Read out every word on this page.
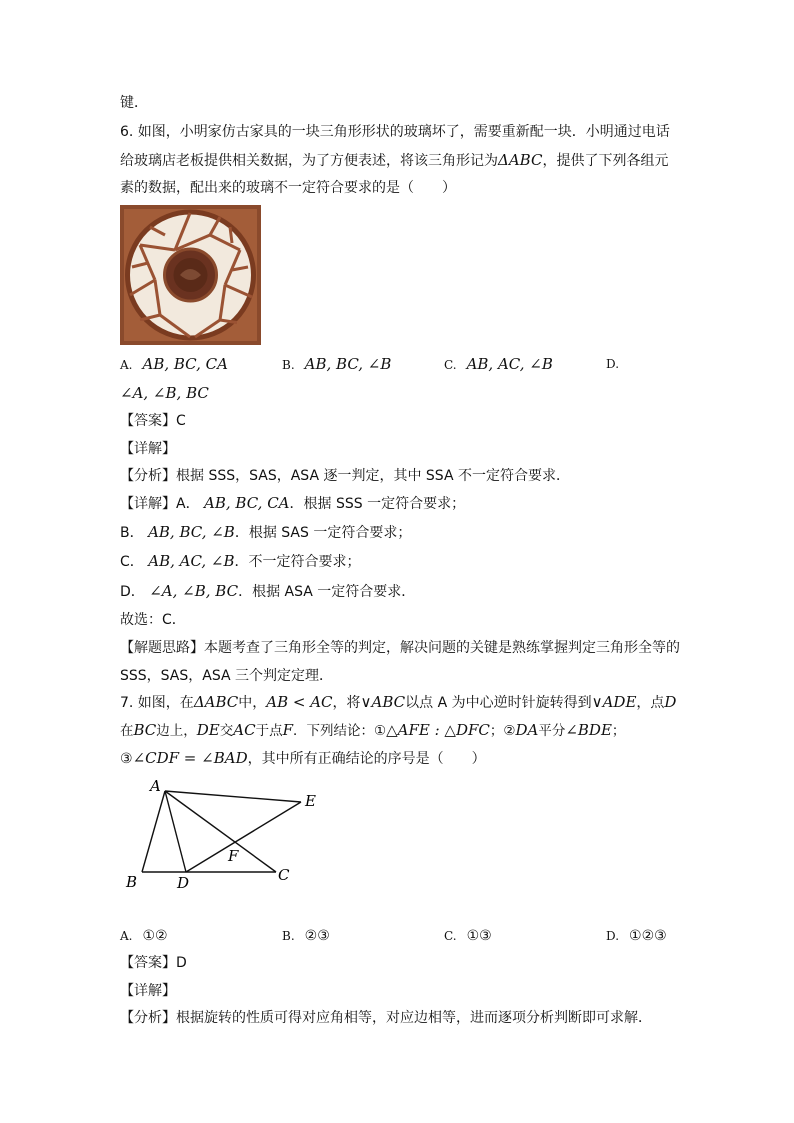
键．
6. 如图，小明家仿古家具的一块三角形形状的玻璃坏了，需要重新配一块．小明通过电话
给玻璃店老板提供相关数据，为了方便表述，将该三角形记为ΔABC，提供了下列各组元
素的数据，配出来的玻璃不一定符合要求的是（　　）
A. AB, BC, CA	B. AB, BC, ∠B	C. AB, AC, ∠B	D.
∠A, ∠B, BC
【答案】C
【详解】
【分析】根据 SSS，SAS，ASA 逐一判定，其中 SSA 不一定符合要求．
【详解】A． AB, BC, CA．根据 SSS 一定符合要求；
B． AB, BC, ∠B．根据 SAS 一定符合要求；
C． AB, AC, ∠B．不一定符合要求；
D． ∠A, ∠B, BC．根据 ASA 一定符合要求．
故选：C．
【解题思路】本题考查了三角形全等的判定，解决问题的关键是熟练掌握判定三角形全等的
SSS，SAS，ASA 三个判定定理．
7. 如图，在ΔABC中，AB < AC，将∨ABC以点 A 为中心逆时针旋转得到∨ADE，点D
在BC边上，DE交AC于点F．下列结论：①△AFE : △DFC；②DA平分∠BDE；
③∠CDF = ∠BAD，其中所有正确结论的序号是（　　）
A
B	C
D
E
F
A. ①②	B. ②③	C. ①③	D. ①②③
【答案】D
【详解】
【分析】根据旋转的性质可得对应角相等，对应边相等，进而逐项分析判断即可求解．
